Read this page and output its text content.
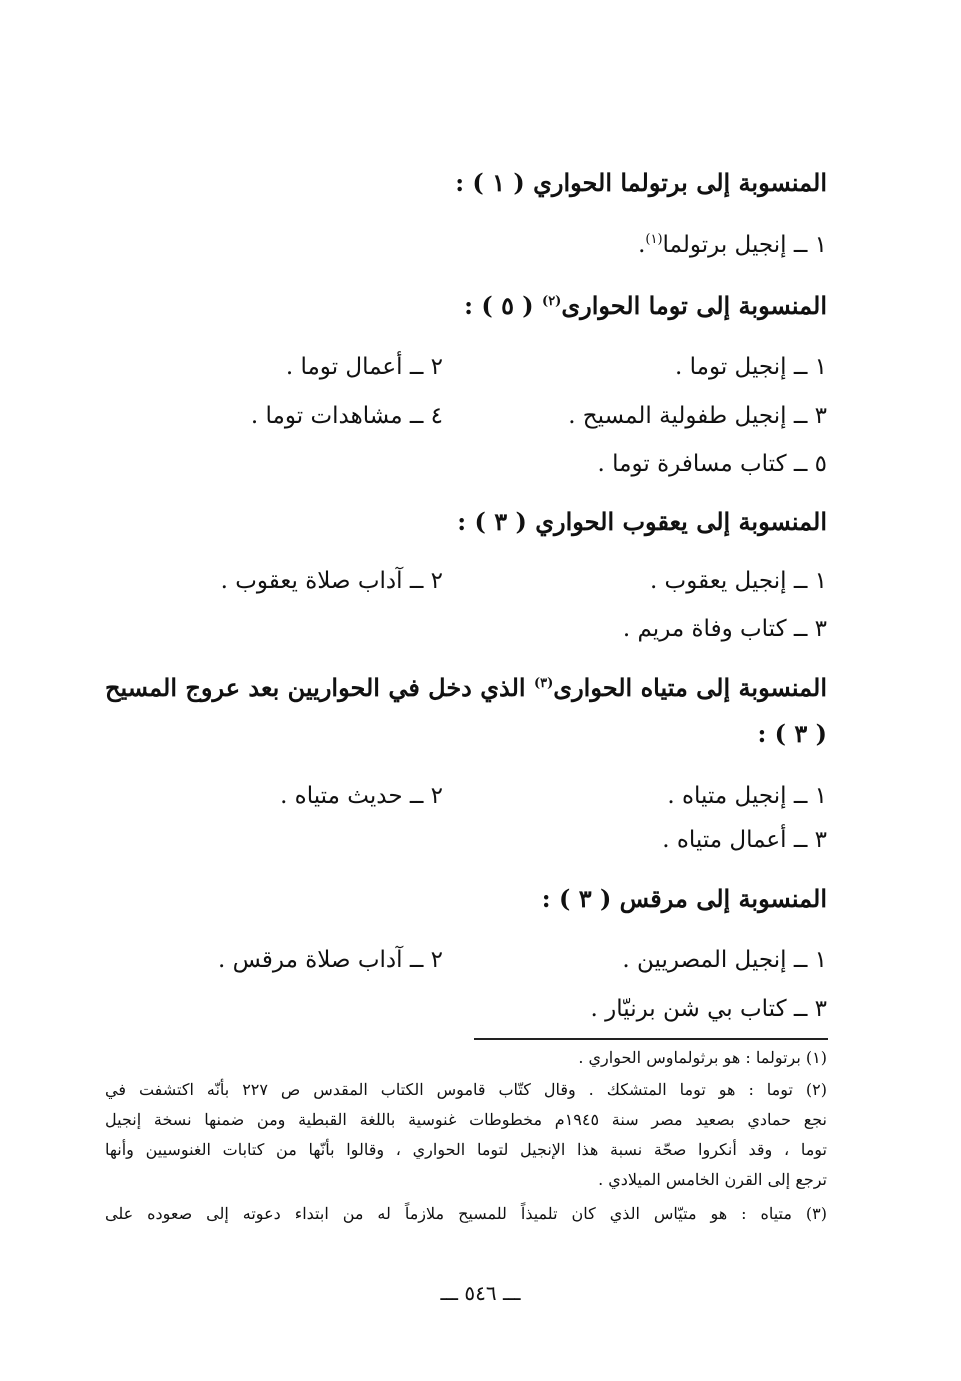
المنسوبة إلى برتولما الحواري ( ١ ) :
١ ــ إنجيل برتولما$^{(١)}$.
المنسوبة إلى توما الحوارى$^{(٢)}$ ( ٥ ) :
١ ــ إنجيل توما .
٢ ــ أعمال توما .
٣ ــ إنجيل طفولية المسيح .
٤ ــ مشاهدات توما .
٥ ــ كتاب مسافرة توما .
المنسوبة إلى يعقوب الحواري ( ٣ ) :
١ ــ إنجيل يعقوب .
٢ ــ آداب صلاة يعقوب .
٣ ــ كتاب وفاة مريم .
المنسوبة إلى متياه الحوارى$^{(٣)}$ الذي دخل في الحواريين بعد عروج المسيح
( ٣ ) :
١ ــ إنجيل متياه .
٢ ــ حديث متياه .
٣ ــ أعمال متياه .
المنسوبة إلى مرقس ( ٣ ) :
١ ــ إنجيل المصريين .
٢ ــ آداب صلاة مرقس .
٣ ــ كتاب بي شن برنيّار .
(١) برتولما : هو برثولماوس الحواري .
(٢) توما : هو توما المتشكك . وقال كتّاب قاموس الكتاب المقدس ص ٢٢٧ بأنّه اكتشفت في
نجع حمادي بصعيد مصر سنة ١٩٤٥م مخطوطات غنوسية باللغة القبطية ومن ضمنها نسخة إنجيل
توما ، وقد أنكروا صحّة نسبة هذا الإنجيل لتوما الحواري ، وقالوا بأنّها من كتابات الغنوسيين وأنها
ترجع إلى القرن الخامس الميلادي .
(٣) متياه : هو متيّاس الذي كان تلميذاً للمسيح ملازماً له من ابتداء دعوته إلى صعوده على
ـــ ٥٤٦ ـــ
